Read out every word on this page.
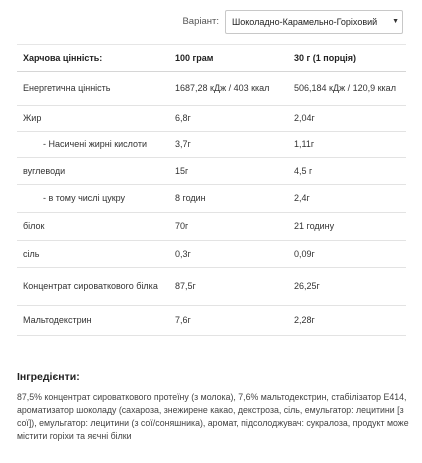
Варіант:	Шоколадно-Карамельно-Горіховий ▼
Харчова цінність:	100 грам	30 г (1 порція)
Енергетична цінність	1687,28 кДж / 403 ккал	506,184 кДж / 120,9 ккал
Жир	6,8г	2,04г
- Насичені жирні кислоти	3,7г	1,11г
вуглеводи	15г	4,5 г
- в тому числі цукру	8 годин	2,4г
білок	70г	21 годину
сіль	0,3г	0,09г
Концентрат сироваткового білка	87,5г	26,25г
Мальтодекстрин	7,6г	2,28г
Інгредієнти:
87,5% концентрат сироваткового протеїну (з молока), 7,6% мальтодекстрин, стабілізатор E414, ароматизатор шоколаду (сахароза, знежирене какао, декстроза, сіль, емульгатор: лецитини [з сої]), емульгатор: лецитини (з сої/соняшника), аромат, підсолоджувач: сукралоза, продукт може містити горіхи та яєчні білки
